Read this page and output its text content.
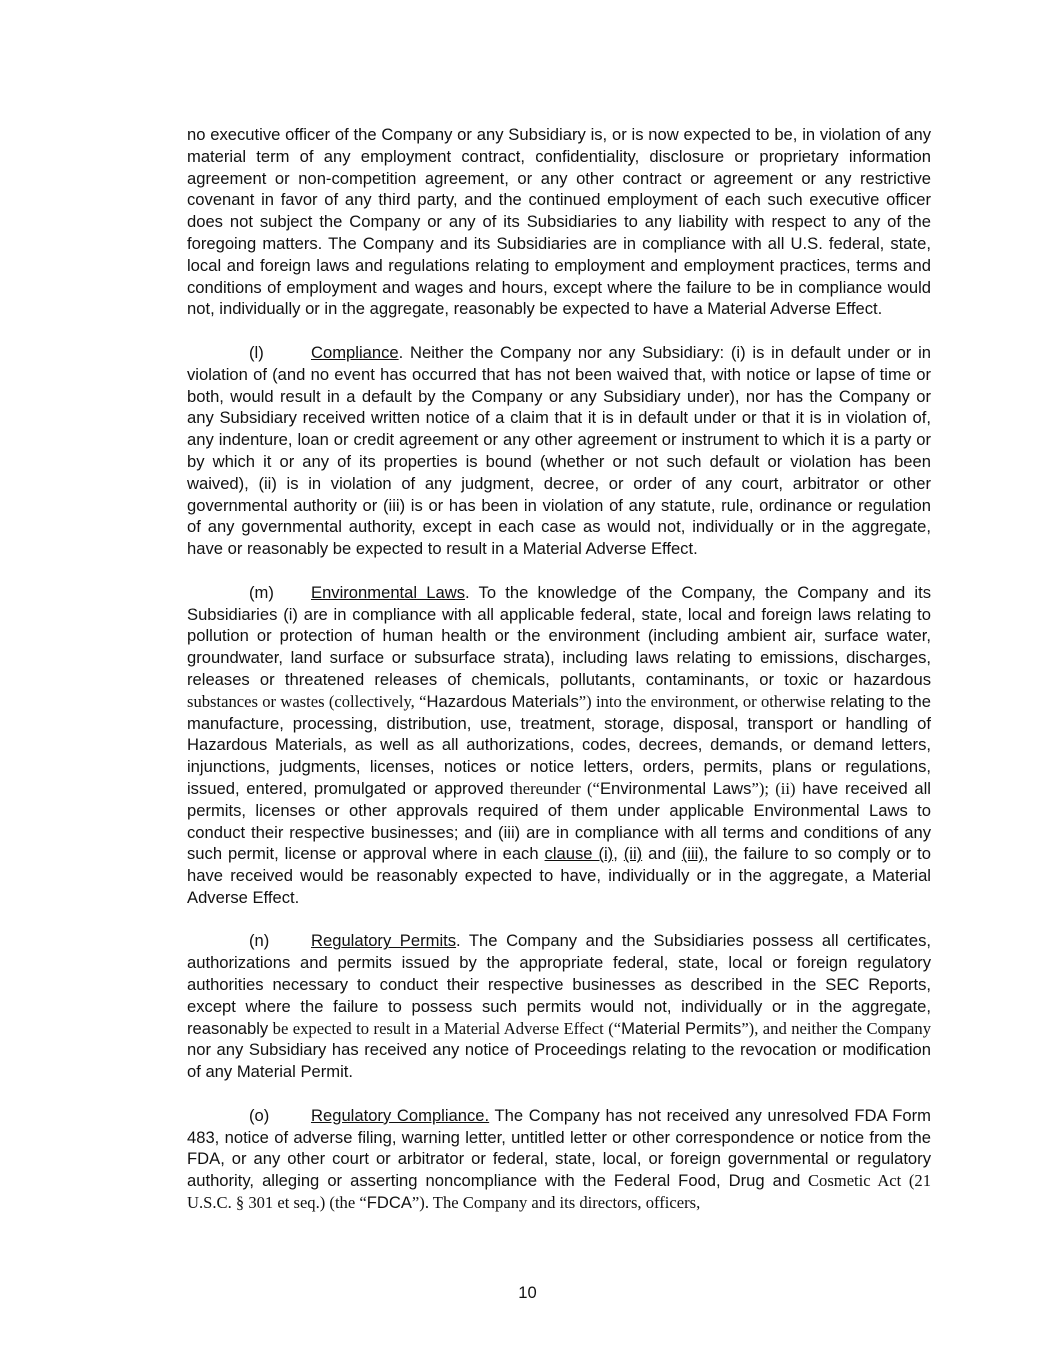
no executive officer of the Company or any Subsidiary is, or is now expected to be, in violation of any material term of any employment contract, confidentiality, disclosure or proprietary information agreement or non-competition agreement, or any other contract or agreement or any restrictive covenant in favor of any third party, and the continued employment of each such executive officer does not subject the Company or any of its Subsidiaries to any liability with respect to any of the foregoing matters. The Company and its Subsidiaries are in compliance with all U.S. federal, state, local and foreign laws and regulations relating to employment and employment practices, terms and conditions of employment and wages and hours, except where the failure to be in compliance would not, individually or in the aggregate, reasonably be expected to have a Material Adverse Effect.

(l)	Compliance. Neither the Company nor any Subsidiary: (i) is in default under or in violation of (and no event has occurred that has not been waived that, with notice or lapse of time or both, would result in a default by the Company or any Subsidiary under), nor has the Company or any Subsidiary received written notice of a claim that it is in default under or that it is in violation of, any indenture, loan or credit agreement or any other agreement or instrument to which it is a party or by which it or any of its properties is bound (whether or not such default or violation has been waived), (ii) is in violation of any judgment, decree, or order of any court, arbitrator or other governmental authority or (iii) is or has been in violation of any statute, rule, ordinance or regulation of any governmental authority, except in each case as would not, individually or in the aggregate, have or reasonably be expected to result in a Material Adverse Effect.

(m) Environmental Laws. To the knowledge of the Company, the Company and its Subsidiaries (i) are in compliance with all applicable federal, state, local and foreign laws relating to pollution or protection of human health or the environment (including ambient air, surface water, groundwater, land surface or subsurface strata), including laws relating to emissions, discharges, releases or threatened releases of chemicals, pollutants, contaminants, or toxic or hazardous substances or wastes (collectively, “Hazardous Materials”) into the environment, or otherwise relating to the manufacture, processing, distribution, use, treatment, storage, disposal, transport or handling of Hazardous Materials, as well as all authorizations, codes, decrees, demands, or demand letters, injunctions, judgments, licenses, notices or notice letters, orders, permits, plans or regulations, issued, entered, promulgated or approved thereunder (“Environmental Laws”); (ii) have received all permits, licenses or other approvals required of them under applicable Environmental Laws to conduct their respective businesses; and (iii) are in compliance with all terms and conditions of any such permit, license or approval where in each clause (i), (ii) and (iii), the failure to so comply or to have received would be reasonably expected to have, individually or in the aggregate, a Material Adverse Effect.

(n)	Regulatory Permits. The Company and the Subsidiaries possess all certificates, authorizations and permits issued by the appropriate federal, state, local or foreign regulatory authorities necessary to conduct their respective businesses as described in the SEC Reports, except where the failure to possess such permits would not, individually or in the aggregate, reasonably be expected to result in a Material Adverse Effect (“Material Permits”), and neither the Company nor any Subsidiary has received any notice of Proceedings relating to the revocation or modification of any Material Permit.

(o)	Regulatory Compliance. The Company has not received any unresolved FDA Form 483, notice of adverse filing, warning letter, untitled letter or other correspondence or notice from the FDA, or any other court or arbitrator or federal, state, local, or foreign governmental or regulatory authority, alleging or asserting noncompliance with the Federal Food, Drug and Cosmetic Act (21 U.S.C. § 301 et seq.) (the “FDCA”). The Company and its directors, officers,

10
